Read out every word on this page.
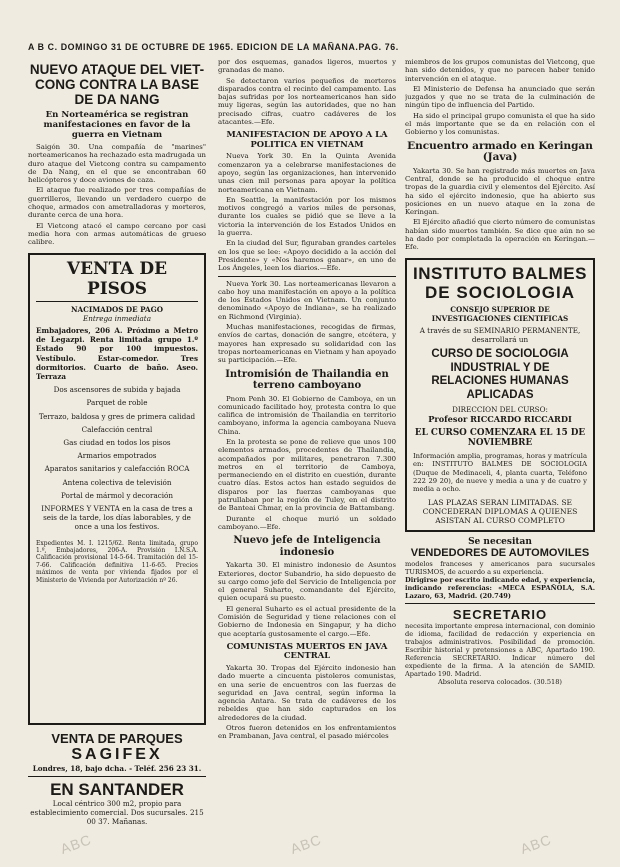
A B C. DOMINGO 31 DE OCTUBRE DE 1965. EDICION DE LA MAÑANA.PAG. 76.
ABC	ABC	ABC

NUEVO ATAQUE DEL VIET-

CONG CONTRA LA BASE

DE DA NANG

En Norteamérica se registran manifestaciones en favor de la guerra en Vietnam

Saigón 30. Una compañía de "marines" norteamericanos ha rechazado esta madrugada un duro ataque del Vietcong contra su campamento de Da Nang, en el que se encontraban 60 helicópteros y doce aviones de caza.

El ataque fue realizado por tres compañías de guerrilleros, llevando un verdadero cuerpo de choque, armados con ametralladoras y morteros, durante cerca de una hora.

El Vietcong atacó el campo cercano por casi media hora con armas automáticas de grueso calibre.

VENTA DE PISOS

NACIMADOS DE PAGO

Entrega inmediata

Embajadores, 206 A. Próximo a Metro de Legazpi. Renta limitada grupo 1.º Estado 90 por 100 impuestos. Vestíbulo. Estar-comedor. Tres dormitorios. Cuarto de baño. Aseo. Terraza

Dos ascensores de subida y bajada

Parquet de roble

Terrazo, baldosa y gres de primera calidad

Calefacción central

Gas ciudad en todos los pisos

Armarios empotrados

Aparatos sanitarios y calefacción ROCA

Antena colectiva de televisión

Portal de mármol y decoración

INFORMES Y VENTA en la casa de tres a seis de la tarde, los días laborables, y de once a una los festivos.

Expedientes M. I. 1215/62. Renta limitada, grupo 1.º, Embajadores, 206-A. Provisión I.N.S.A. Calificación provisional 14-5-64. Tramitación del 15-7-66. Calificación definitiva 11-6-65. Precios máximos de venta por vivienda fijados por el Ministerio de Vivienda por Autorización nº 26.

VENTA DE PARQUES

SAGIFEX

Londres, 18, bajo dcha. - Teléf. 256 23 31.

EN SANTANDER

Local céntrico 300 m2, propio para establecimiento comercial. Dos sucursales. 215 00 37. Mañanas.

por dos esquemas, ganados ligeros, muertos y granadas de mano.

Se detectaron varios pequeños de morteros disparados contra el recinto del campamento. Las bajas sufridas por los norteamericanos han sido muy ligeras, según las autoridades, que no han precisado cifras, cuatro cadáveres de los atacantes.—Efe.

MANIFESTACION DE APOYO A LA POLITICA EN VIETNAM

Nueva York 30. En la Quinta Avenida comenzaron ya a celebrarse manifestaciones de apoyo, según las organizaciones, han intervenido unas cien mil personas para apoyar la política norteamericana en Vietnam.

En Seattle, la manifestación por los mismos motivos congregó a varios miles de personas, durante los cuales se pidió que se lleve a la victoria la intervención de los Estados Unidos en la guerra.

En la ciudad del Sur, figuraban grandes carteles en los que se lee: «Apoyo decidido a la acción del Presidente» y «Nos haremos ganar», en uno de Los Ángeles, leen los diarios.—Efe.

Nueva York 30. Las norteamericanas llevaron a cabo hoy una manifestación en apoyo a la política de los Estados Unidos en Vietnam. Un conjunto denominado «Apoyo de Indiana», se ha realizado en Richmond (Virginia).

Muchas manifestaciones, recogidas de firmas, envíos de cartas, donación de sangre, etcétera, y mayores han expresado su solidaridad con las tropas norteamericanas en Vietnam y han apoyado su participación.—Efe.

Intromisión de Thailandia en terreno camboyano

Pnom Penh 30. El Gobierno de Camboya, en un comunicado facilitado hoy, protesta contra lo que califica de intromisión de Thailandia en territorio camboyano, informa la agencia camboyana Nueva China.

En la protesta se pone de relieve que unos 100 elementos armados, procedentes de Thailandia, acompañados por militares, penetraron 7.300 metros en el territorio de Camboya, permaneciendo en el distrito en cuestión, durante cuatro días. Estos actos han estado seguidos de disparos por las fuerzas camboyanas que patrullaban por la región de Tuley, en el distrito de Banteai Chmar, en la provincia de Battambang.

Durante el choque murió un soldado camboyano.—Efe.

Nuevo jefe de Inteligencia indonesio

Yakarta 30. El ministro indonesio de Asuntos Exteriores, doctor Subandrio, ha sido depuesto de su cargo como jefe del Servicio de Inteligencia por el general Suharto, comandante del Ejército, quien ocupará su puesto.

El general Suharto es el actual presidente de la Comisión de Seguridad y tiene relaciones con el Gobierno de Indonesia en Singapur, y ha dicho que aceptaría gustosamente el cargo.—Efe.

COMUNISTAS MUERTOS EN JAVA CENTRAL

Yakarta 30. Tropas del Ejército indonesio han dado muerte a cincuenta pistoleros comunistas, en una serie de encuentros con las fuerzas de seguridad en Java central, según informa la agencia Antara. Se trata de cadáveres de los rebeldes que han sido capturados en los alrededores de la ciudad.

Otros fueron detenidos en los enfrentamientos en Prambanan, Java central, el pasado miércoles

miembros de los grupos comunistas del Vietcong, que han sido detenidos, y que no parecen haber tenido intervención en el ataque.

El Ministerio de Defensa ha anunciado que serán juzgados y que no se trata de la culminación de ningún tipo de influencia del Partido.

Ha sido el principal grupo comunista el que ha sido el más importante que se da en relación con el Gobierno y los comunistas.

Encuentro armado en Keringan (Java)

Yakarta 30. Se han registrado más muertes en Java Central, donde se ha producido el choque entre tropas de la guardia civil y elementos del Ejército. Así ha sido el ejército indonesio, que ha abierto sus posiciones en un nuevo ataque en la zona de Keringan.

El Ejército añadió que cierto número de comunistas habían sido muertos también. Se dice que aún no se ha dado por completada la operación en Keringan.—Efe.

INSTITUTO BALMES

DE SOCIOLOGIA

CONSEJO SUPERIOR DE INVESTIGACIONES CIENTIFICAS

A través de su SEMINARIO PERMANENTE, desarrollará un

CURSO DE SOCIOLOGIA INDUSTRIAL Y DE RELACIONES HUMANAS APLICADAS

DIRECCION DEL CURSO:

Profesor RICCARDO RICCARDI

EL CURSO COMENZARA EL 15 DE NOVIEMBRE

Información amplia, programas, horas y matrícula en: INSTITUTO BALMES DE SOCIOLOGIA (Duque de Medinaceli, 4, planta cuarta, Teléfono 222 29 20), de nueve y media a una y de cuatro y media a ocho.

LAS PLAZAS SERAN LIMITADAS. SE CONCEDERAN DIPLOMAS A QUIENES ASISTAN AL CURSO COMPLETO

Se necesitan

VENDEDORES DE AUTOMOVILES

modelos franceses y americanos para sucursales TURISMOS, de acuerdo a su experiencia.

Dirigirse por escrito indicando edad, y experiencia, indicando referencias: «MECA ESPAÑOLA, S.A. Lazaro, 63, Madrid. (20.749)

SECRETARIO

necesita importante empresa internacional, con dominio de idioma, facilidad de redacción y experiencia en trabajos administrativos. Posibilidad de promoción. Escribir historial y pretensiones a ABC, Apartado 190. Referencia SECRETARIO. Indicar número del expediente de la firma. A la atención de SAMID. Apartado 190. Madrid.

Absoluta reserva colocados. (30.518)
